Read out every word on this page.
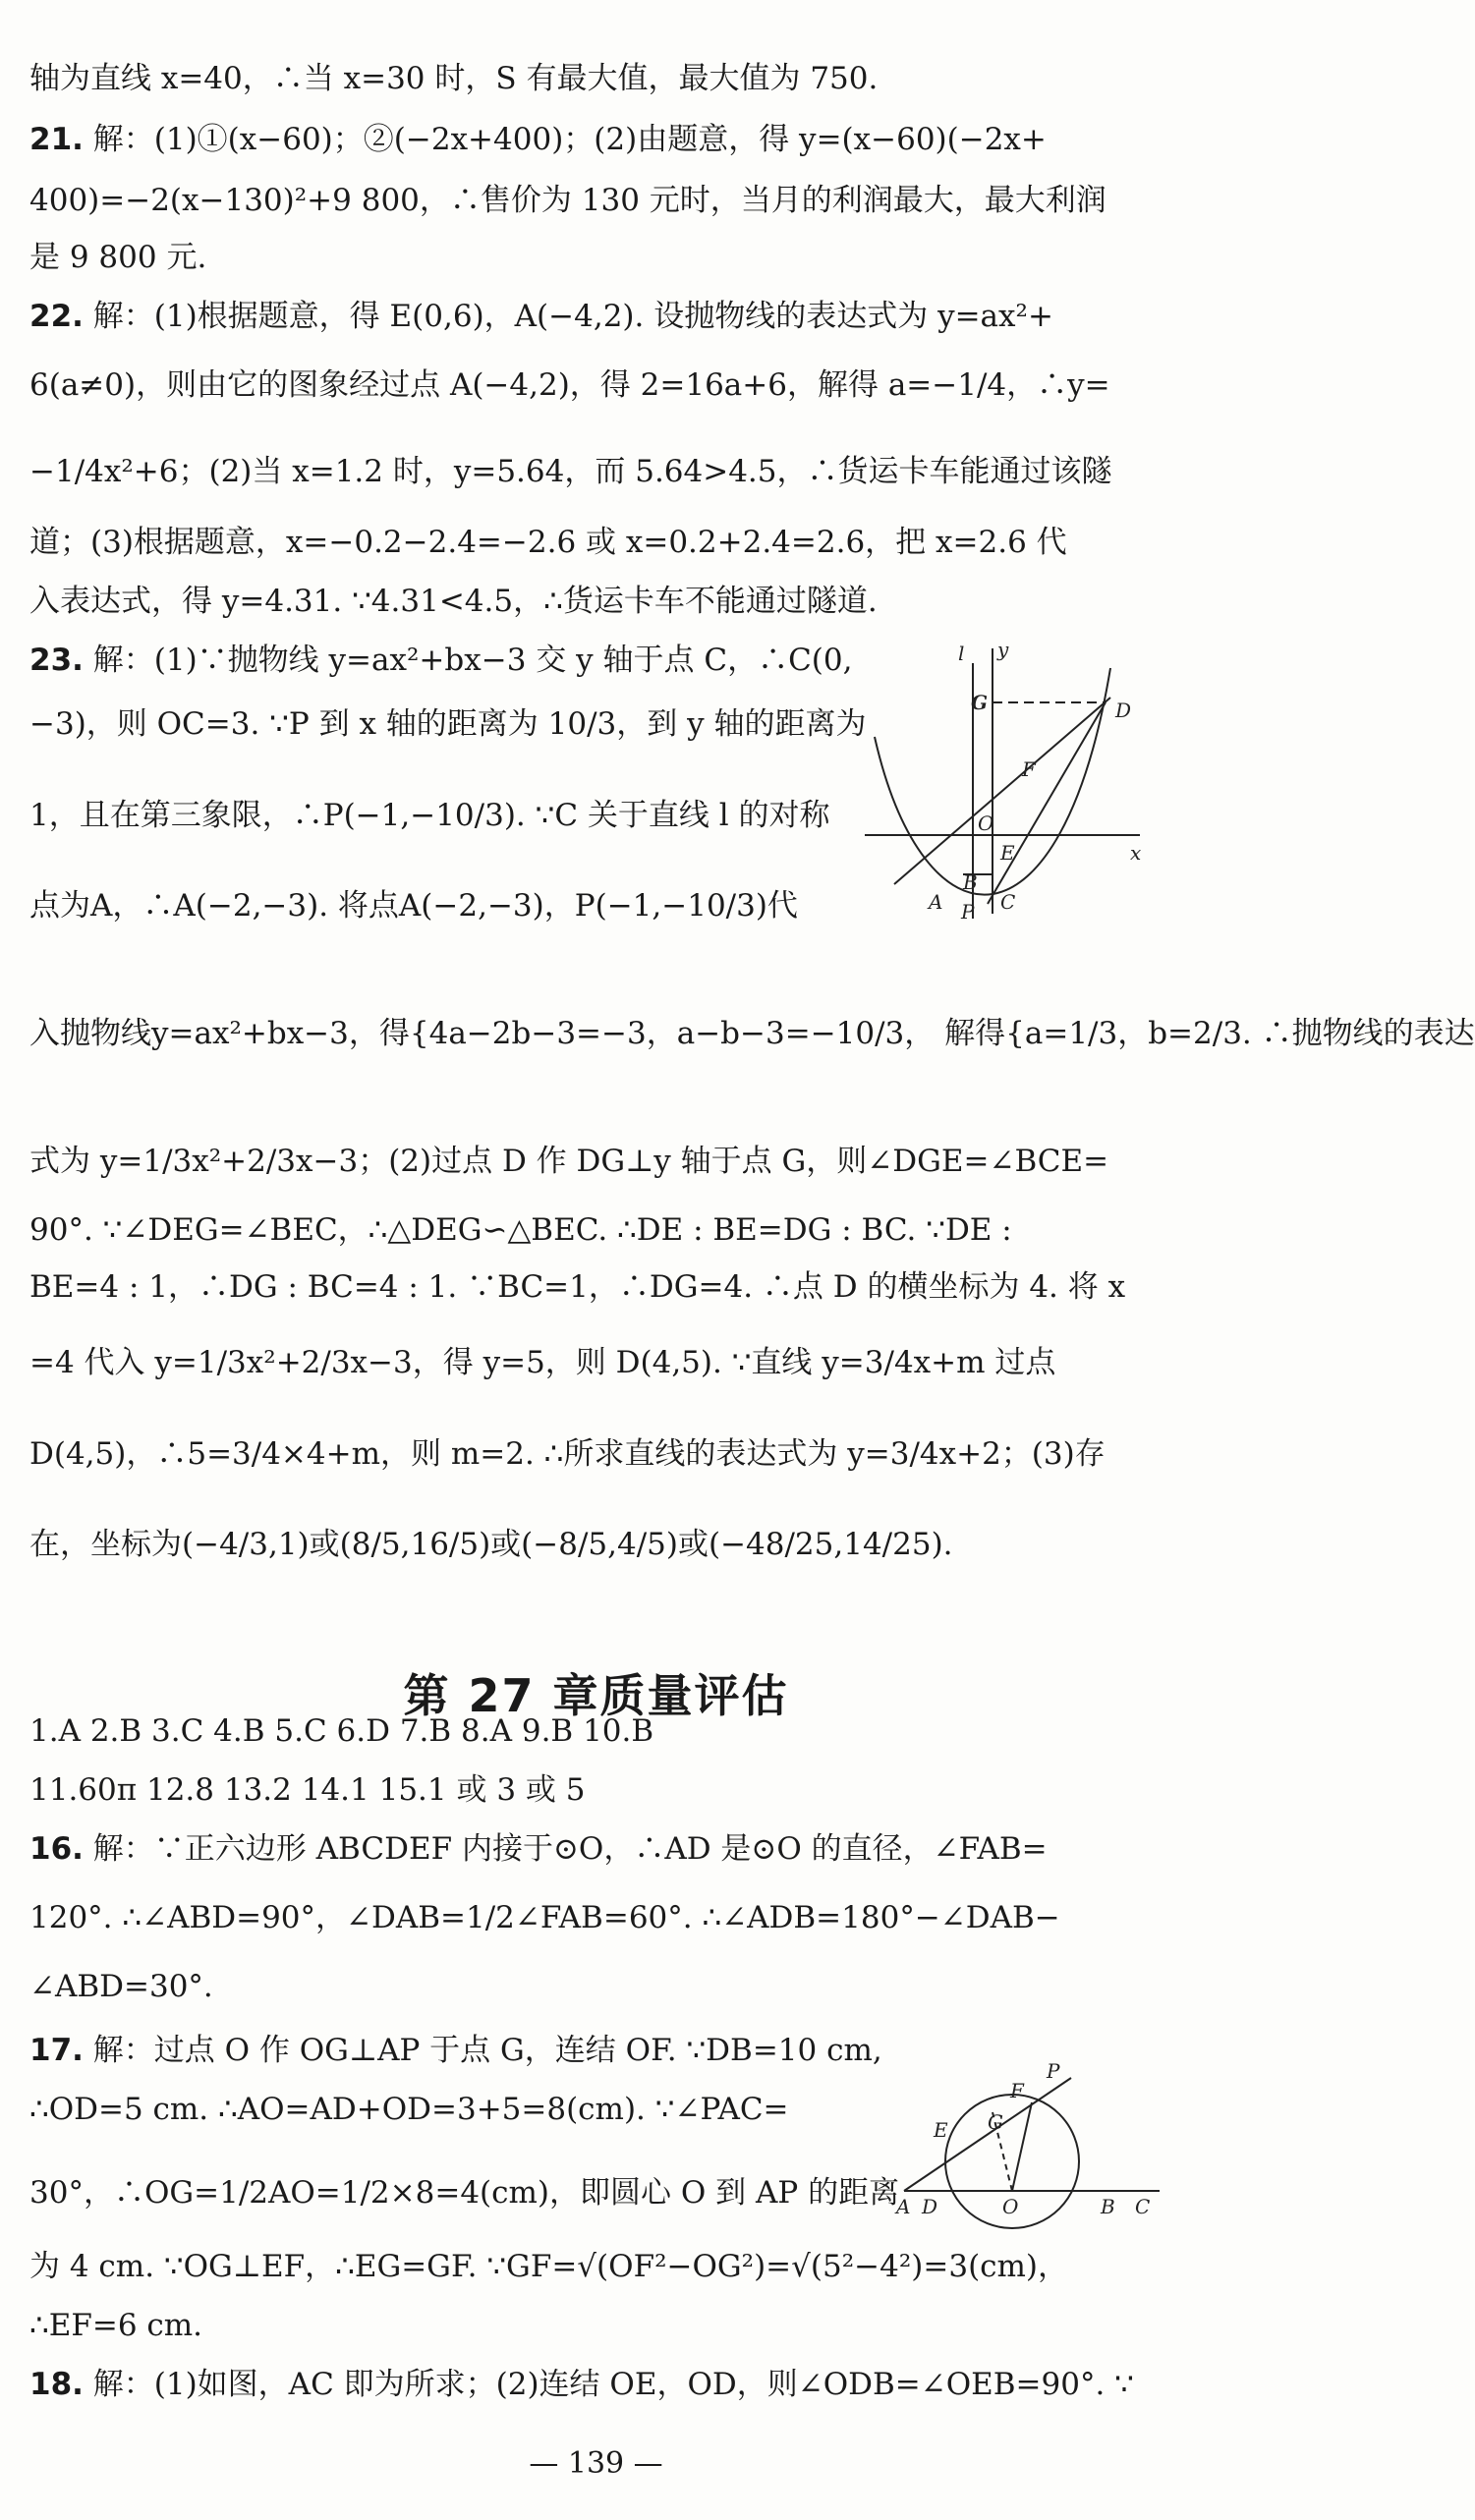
轴为直线 x=40，∴当 x=30 时，S 有最大值，最大值为 750.
21. 解：(1)①(x−60)；②(−2x+400)；(2)由题意，得 y=(x−60)(−2x+
400)=−2(x−130)²+9 800，∴售价为 130 元时，当月的利润最大，最大利润
是 9 800 元.
22. 解：(1)根据题意，得 E(0,6)，A(−4,2). 设抛物线的表达式为 y=ax²+
6(a≠0)，则由它的图象经过点 A(−4,2)，得 2=16a+6，解得 a=−1/4，∴y=
−1/4x²+6；(2)当 x=1.2 时，y=5.64，而 5.64>4.5，∴货运卡车能通过该隧
道；(3)根据题意，x=−0.2−2.4=−2.6 或 x=0.2+2.4=2.6，把 x=2.6 代
入表达式，得 y=4.31. ∵4.31<4.5，∴货运卡车不能通过隧道.
23. 解：(1)∵抛物线 y=ax²+bx−3 交 y 轴于点 C，∴C(0,
−3)，则 OC=3. ∵P 到 x 轴的距离为 10/3，到 y 轴的距离为
1，且在第三象限，∴P(−1,−10/3). ∵C 关于直线 l 的对称
点为A，∴A(−2,−3). 将点A(−2,−3)，P(−1,−10/3)代
入抛物线y=ax²+bx−3，得{4a−2b−3=−3，a−b−3=−10/3， 解得{a=1/3，b=2/3. ∴抛物线的表达
式为 y=1/3x²+2/3x−3；(2)过点 D 作 DG⊥y 轴于点 G，则∠DGE=∠BCE=
90°. ∵∠DEG=∠BEC，∴△DEG∽△BEC. ∴DE : BE=DG : BC. ∵DE :
BE=4 : 1，∴DG : BC=4 : 1. ∵BC=1，∴DG=4. ∴点 D 的横坐标为 4. 将 x
=4 代入 y=1/3x²+2/3x−3，得 y=5，则 D(4,5). ∵直线 y=3/4x+m 过点
D(4,5)，∴5=3/4×4+m，则 m=2. ∴所求直线的表达式为 y=3/4x+2；(3)存
在，坐标为(−4/3,1)或(8/5,16/5)或(−8/5,4/5)或(−48/25,14/25).
1.A 2.B 3.C 4.B 5.C 6.D 7.B 8.A 9.B 10.B
11.60π 12.8 13.2 14.1 15.1 或 3 或 5
16. 解：∵正六边形 ABCDEF 内接于⊙O，∴AD 是⊙O 的直径，∠FAB=
120°. ∴∠ABD=90°，∠DAB=1/2∠FAB=60°. ∴∠ADB=180°−∠DAB−
∠ABD=30°.
17. 解：过点 O 作 OG⊥AP 于点 G，连结 OF. ∵DB=10 cm,
∴OD=5 cm. ∴AO=AD+OD=3+5=8(cm). ∵∠PAC=
30°，∴OG=1/2AO=1/2×8=4(cm)，即圆心 O 到 AP 的距离
为 4 cm. ∵OG⊥EF，∴EG=GF. ∵GF=√(OF²−OG²)=√(5²−4²)=3(cm)，
∴EF=6 cm.
18. 解：(1)如图，AC 即为所求；(2)连结 OE，OD，则∠ODB=∠OEB=90°. ∵
第 27 章质量评估
l y
G	D
F
O
x
E
B
A P C
P
F
E G
A D	O	B C
— 139 —
